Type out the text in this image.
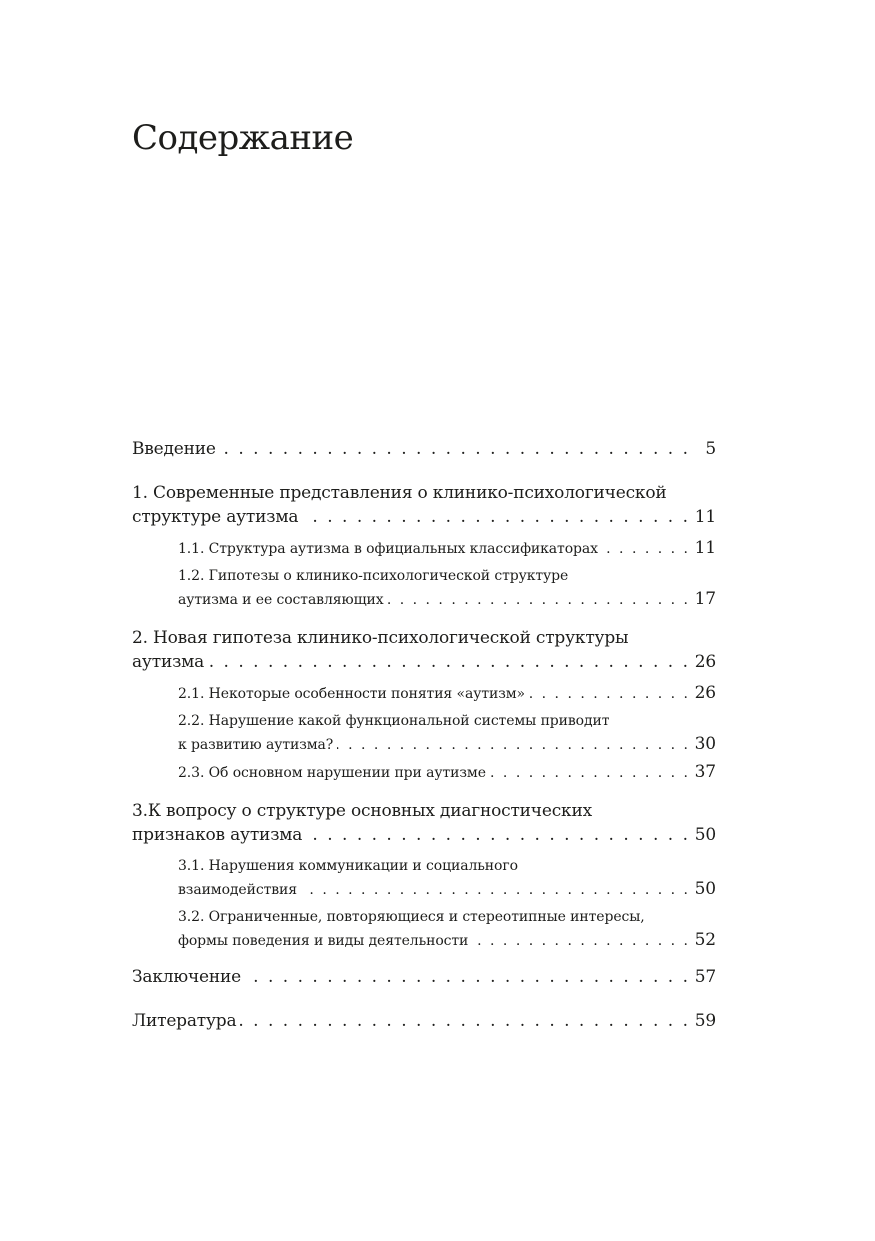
Содержание
Введение . . .	5
1. Современные представления о клинико-психологической
структуре аутизма . . .	11
1.1. Структура аутизма в официальных классификаторах . . .	11
1.2. Гипотезы о клинико-психологической структуре
аутизма и ее составляющих . . .	17
2. Новая гипотеза клинико-психологической структуры
аутизма . . .	26
2.1. Некоторые особенности понятия «аутизм» . . .	26
2.2. Нарушение какой функциональной системы приводит
к развитию аутизма? . . .	30
2.3. Об основном нарушении при аутизме . . .	37
3.К вопросу о структуре основных диагностических
признаков аутизма . . .	50
3.1. Нарушения коммуникации и социального
взаимодействия . . .	50
3.2. Ограниченные, повторяющиеся и стереотипные интересы,
формы поведения и виды деятельности . . .	52
Заключение . . .	57
Литература . . .	59
